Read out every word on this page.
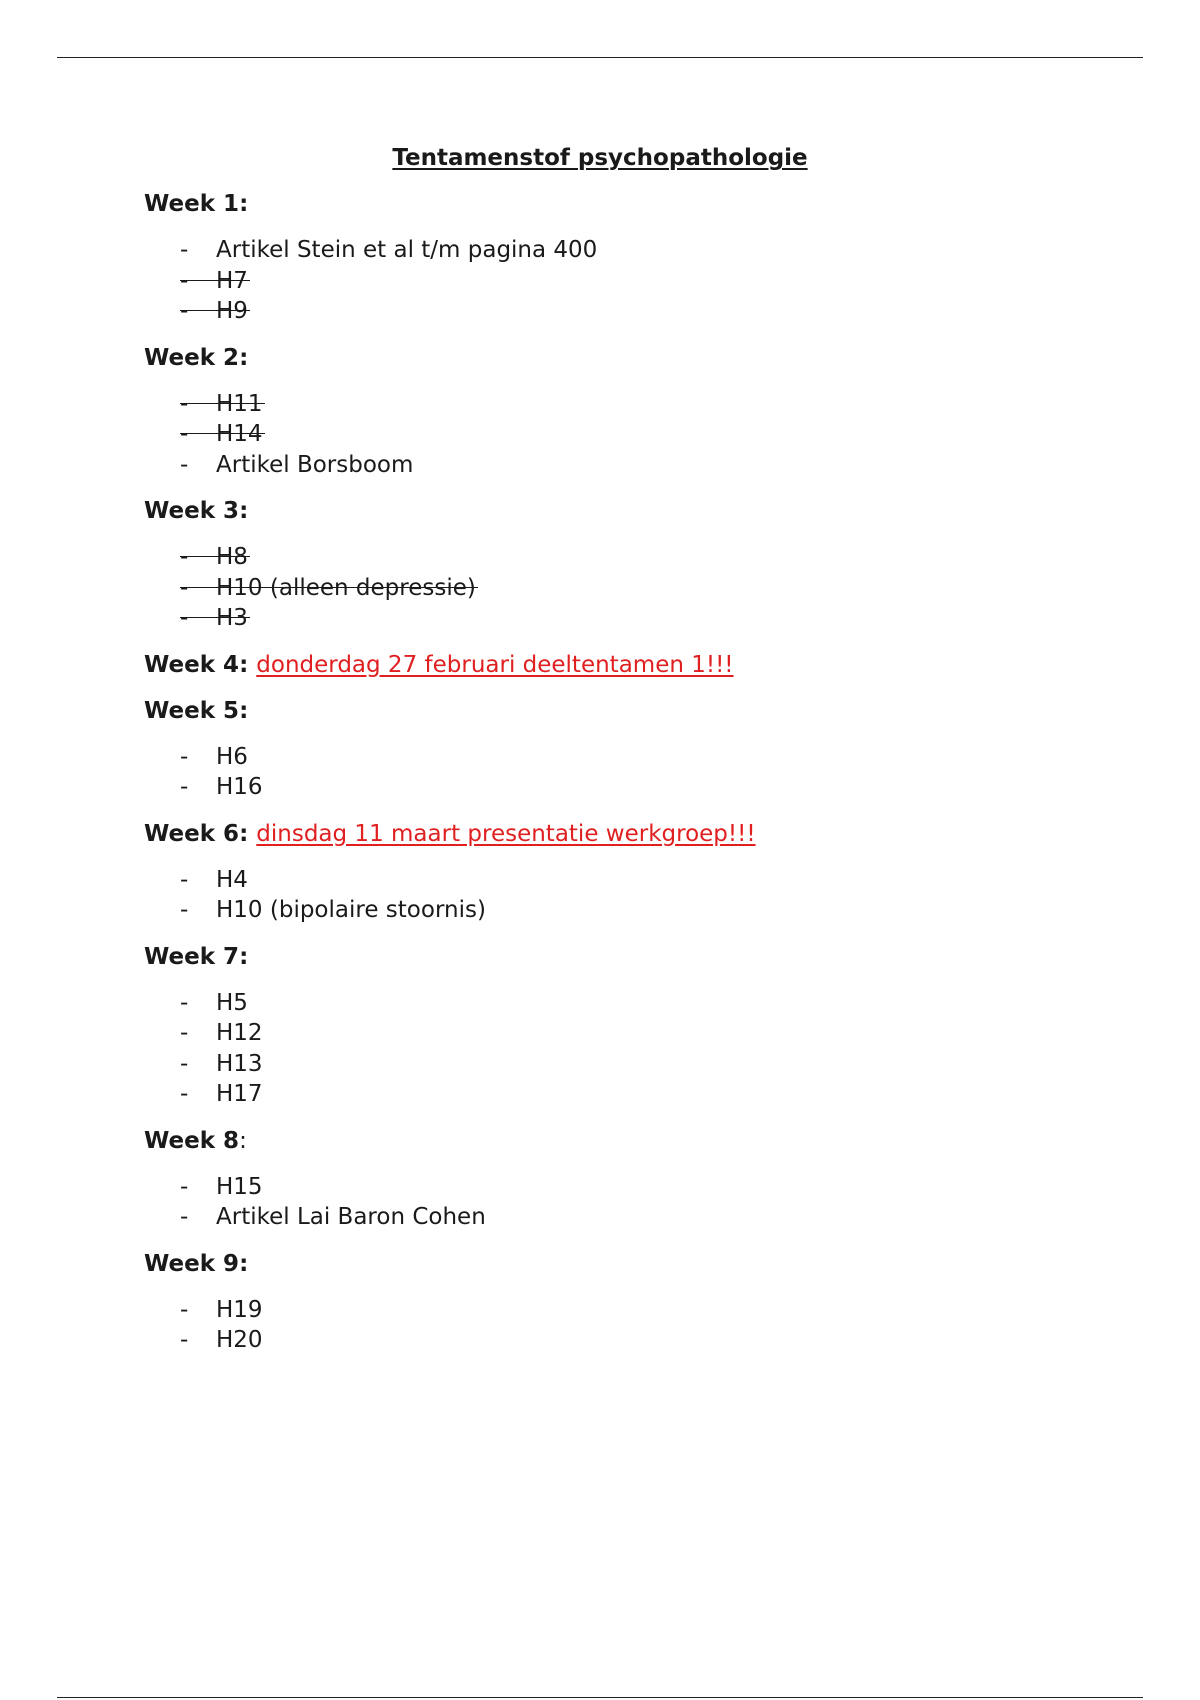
Tentamenstof psychopathologie
Week 1:
- Artikel Stein et al t/m pagina 400
- H7
- H9
Week 2:
- H11
- H14
- Artikel Borsboom
Week 3:
- H8
- H10 (alleen depressie)
- H3
Week 4: donderdag 27 februari deeltentamen 1!!!
Week 5:
- H6
- H16
Week 6: dinsdag 11 maart presentatie werkgroep!!!
- H4
- H10 (bipolaire stoornis)
Week 7:
- H5
- H12
- H13
- H17
Week 8:
- H15
- Artikel Lai Baron Cohen
Week 9:
- H19
- H20
